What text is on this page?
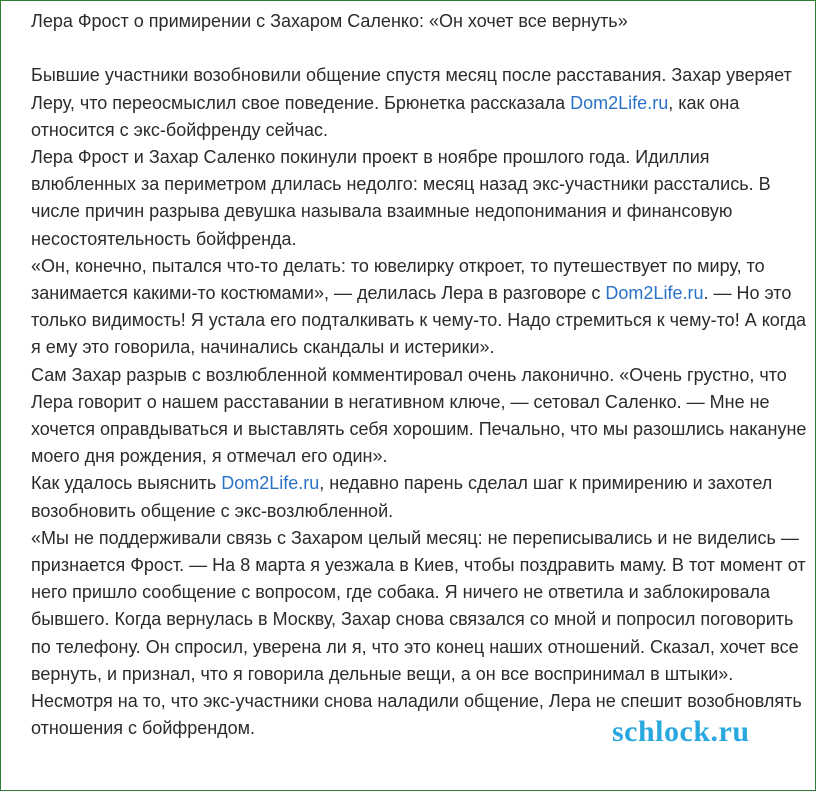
Лера Фрост о примирении с Захаром Саленко: «Он хочет все вернуть»

Бывшие участники возобновили общение спустя месяц после расставания. Захар уверяет Леру, что переосмыслил свое поведение. Брюнетка рассказала Dom2Life.ru, как она относится с экс-бойфренду сейчас.

Лера Фрост и Захар Саленко покинули проект в ноябре прошлого года. Идиллия влюбленных за периметром длилась недолго: месяц назад экс-участники расстались. В числе причин разрыва девушка называла взаимные недопонимания и финансовую несостоятельность бойфренда.

«Он, конечно, пытался что-то делать: то ювелирку откроет, то путешествует по миру, то занимается какими-то костюмами», — делилась Лера в разговоре с Dom2Life.ru. — Но это только видимость! Я устала его подталкивать к чему-то. Надо стремиться к чему-то! А когда я ему это говорила, начинались скандалы и истерики».

Сам Захар разрыв с возлюбленной комментировал очень лаконично. «Очень грустно, что Лера говорит о нашем расставании в негативном ключе, — сетовал Саленко. — Мне не хочется оправдываться и выставлять себя хорошим. Печально, что мы разошлись накануне моего дня рождения, я отмечал его один».

Как удалось выяснить Dom2Life.ru, недавно парень сделал шаг к примирению и захотел возобновить общение с экс-возлюбленной.

«Мы не поддерживали связь с Захаром целый месяц: не переписывались и не виделись — признается Фрост. — На 8 марта я уезжала в Киев, чтобы поздравить маму. В тот момент от него пришло сообщение с вопросом, где собака. Я ничего не ответила и заблокировала бывшего. Когда вернулась в Москву, Захар снова связался со мной и попросил поговорить по телефону. Он спросил, уверена ли я, что это конец наших отношений. Сказал, хочет все вернуть, и признал, что я говорила дельные вещи, а он все воспринимал в штыки».

Несмотря на то, что экс-участники снова наладили общение, Лера не спешит возобновлять отношения с бойфрендом.	schlock.ru
